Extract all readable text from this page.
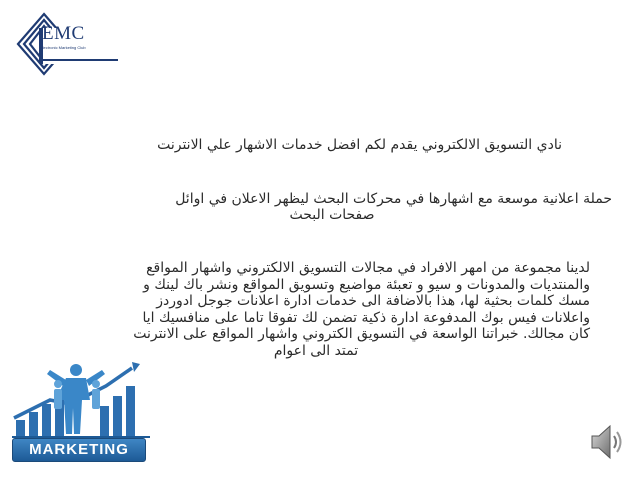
EMC
Electronic Marketing Club
نادي التسويق الالكتروني يقدم لكم افضل خدمات الاشهار علي الانترنت
حملة اعلانية موسعة مع اشهارها في محركات البحث ليظهر الاعلان في اوائل
صفحات البحث
لدينا مجموعة من امهر الافراد في مجالات التسويق الالكتروني واشهار المواقع
والمنتديات والمدونات و سيو و تعبئة مواضيع وتسويق المواقع ونشر باك لينك و
مسك كلمات بحثية لها، هذا بالاضافة الى خدمات ادارة اعلانات جوجل ادوردز
واعلانات فيس بوك المدفوعة ادارة ذكية تضمن لك تفوقا تاما على منافسيك ايا
كان مجالك. خبراتنا الواسعة في التسويق الكتروني واشهار المواقع على الانترنت
تمتد الى اعوام
MARKETING
